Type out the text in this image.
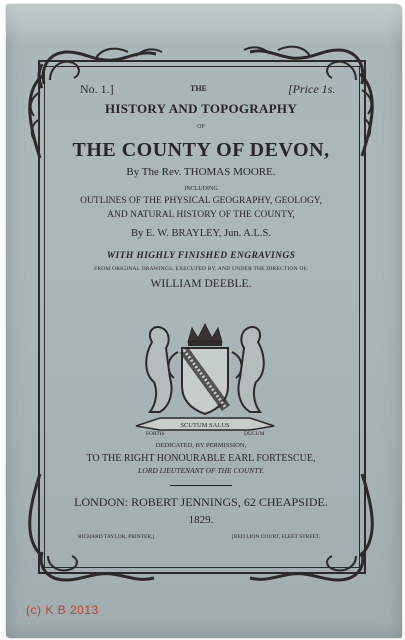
No. 1.]	THE	[Price 1s.
HISTORY AND TOPOGRAPHY
OF
THE COUNTY OF DEVON,
By The Rev. THOMAS MOORE.
INCLUDING
OUTLINES OF THE PHYSICAL GEOGRAPHY, GEOLOGY,
AND NATURAL HISTORY OF THE COUNTY,
By E. W. BRAYLEY, Jun. A.L.S.
WITH HIGHLY FINISHED ENGRAVINGS
FROM ORIGINAL DRAWINGS, EXECUTED BY, AND UNDER THE DIRECTION OF,
WILLIAM DEEBLE.
FORTIS
SCUTUM SALUS
DUCUM
DEDICATED, BY PERMISSION,
TO THE RIGHT HONOURABLE EARL FORTESCUE,
LORD LIEUTENANT OF THE COUNTY.
LONDON: ROBERT JENNINGS, 62 CHEAPSIDE.
1829.
RICHARD TAYLOR, PRINTER,]	[RED LION COURT, FLEET STREET.
(c) K B 2013
